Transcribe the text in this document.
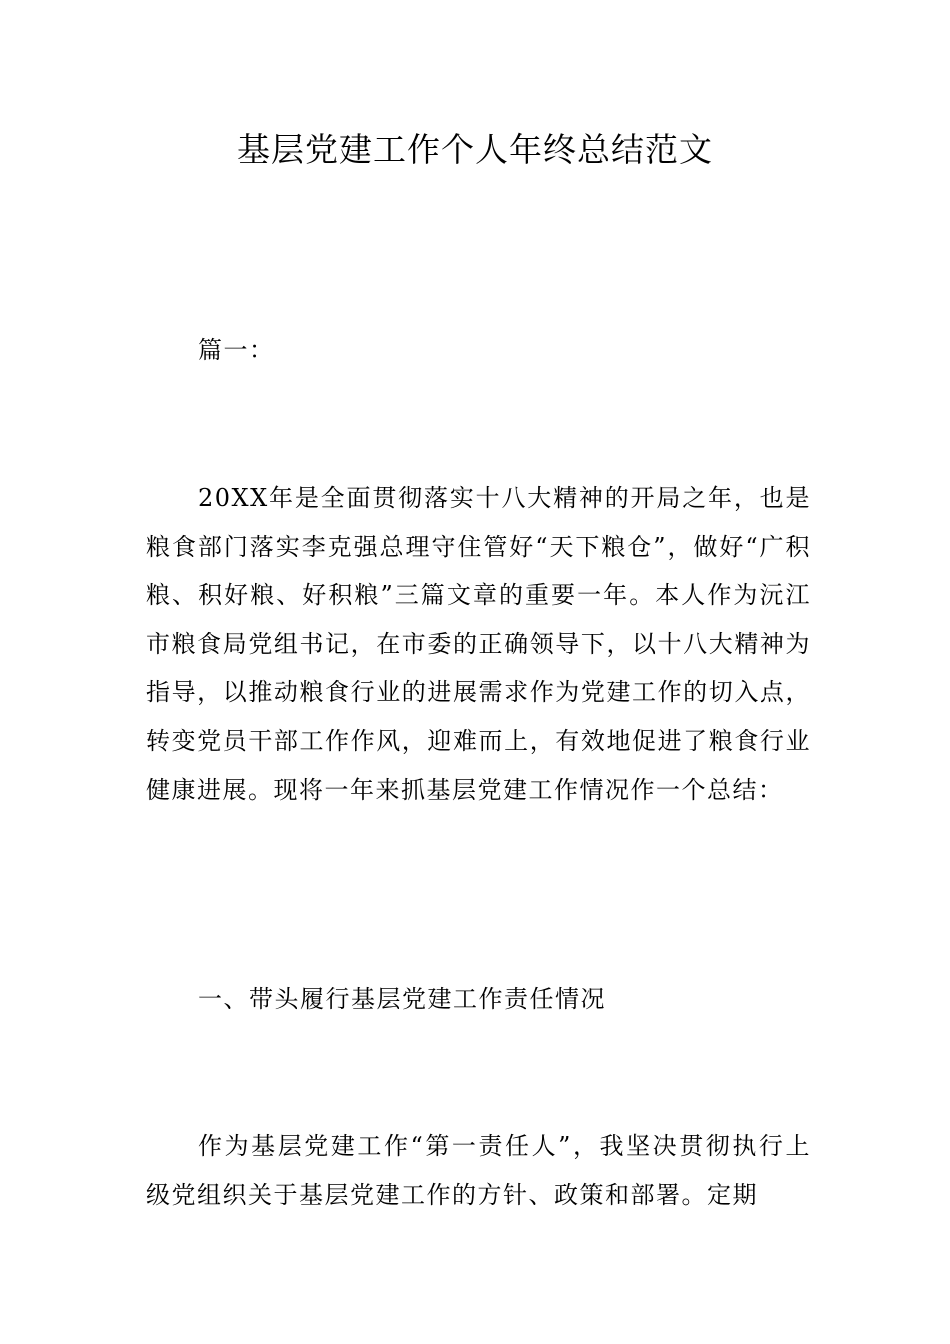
基层党建工作个人年终总结范文
篇一：

20XX年是全面贯彻落实十八大精神的开局之年，也是粮食部门落实李克强总理守住管好“天下粮仓”，做好“广积粮、积好粮、好积粮”三篇文章的重要一年。本人作为沅江市粮食局党组书记，在市委的正确领导下，以十八大精神为指导，以推动粮食行业的进展需求作为党建工作的切入点，转变党员干部工作作风，迎难而上，有效地促进了粮食行业健康进展。现将一年来抓基层党建工作情况作一个总结：

一、带头履行基层党建工作责任情况

作为基层党建工作“第一责任人”，我坚决贯彻执行上级党组织关于基层党建工作的方针、政策和部署。定期
